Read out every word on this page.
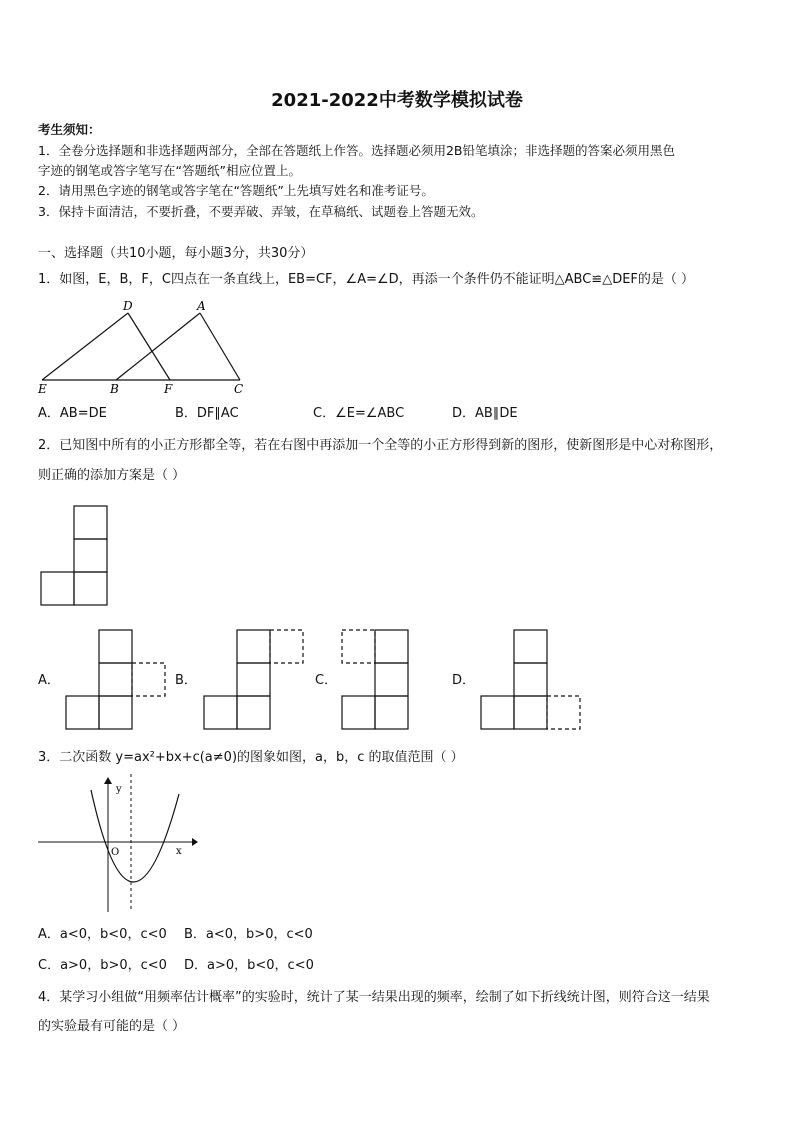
2021-2022中考数学模拟试卷
考生须知：
1．全卷分选择题和非选择题两部分，全部在答题纸上作答。选择题必须用2B铅笔填涂；非选择题的答案必须用黑色
字迹的钢笔或答字笔写在“答题纸”相应位置上。
2．请用黑色字迹的钢笔或答字笔在“答题纸”上先填写姓名和准考证号。
3．保持卡面清洁，不要折叠，不要弄破、弄皱，在草稿纸、试题卷上答题无效。
一、选择题（共10小题，每小题3分，共30分）
1．如图，E，B，F，C四点在一条直线上，EB=CF，∠A=∠D，再添一个条件仍不能证明△ABC≌△DEF的是（ ）
D	A
E	B	F	C
A．AB=DE	B．DF∥AC	C．∠E=∠ABC	D．AB∥DE
2．已知图中所有的小正方形都全等，若在右图中再添加一个全等的小正方形得到新的图形，使新图形是中心对称图形，
则正确的添加方案是（ ）
A．	B．	C．	D．
3．二次函数 y=ax²+bx+c(a≠0)的图象如图，a，b，c 的取值范围（ ）
y
x
O
A．a<0，b<0，c<0 B．a<0，b>0，c<0
C．a>0，b>0，c<0 D．a>0，b<0，c<0
4．某学习小组做“用频率估计概率”的实验时，统计了某一结果出现的频率，绘制了如下折线统计图，则符合这一结果
的实验最有可能的是（ ）
